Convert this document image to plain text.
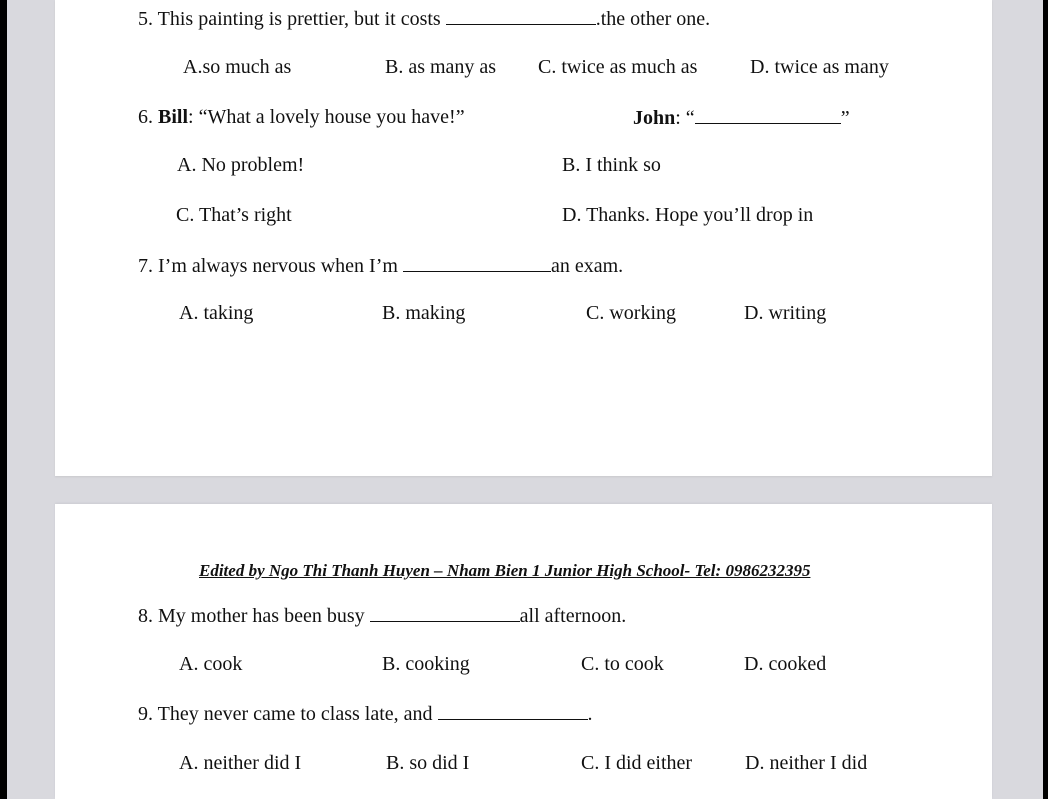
5. This painting is prettier, but it costs	.the other one.
A.so much as	B. as many as C. twice as much as	D. twice as many
6. Bill: “What a lovely house you have!”	John: “	”
A. No problem!	B. I think so
C. That’s right	D. Thanks. Hope you’ll drop in
7. I’m always nervous when I’m	an exam.
A. taking	B. making	C. working	D. writing
Edited by Ngo Thi Thanh Huyen – Nham Bien 1 Junior High School- Tel: 0986232395
8. My mother has been busy	all afternoon.
A. cook	B. cooking	C. to cook	D. cooked
9. They never came to class late, and	.
A. neither did I	B. so did I	C. I did either	D. neither I did
